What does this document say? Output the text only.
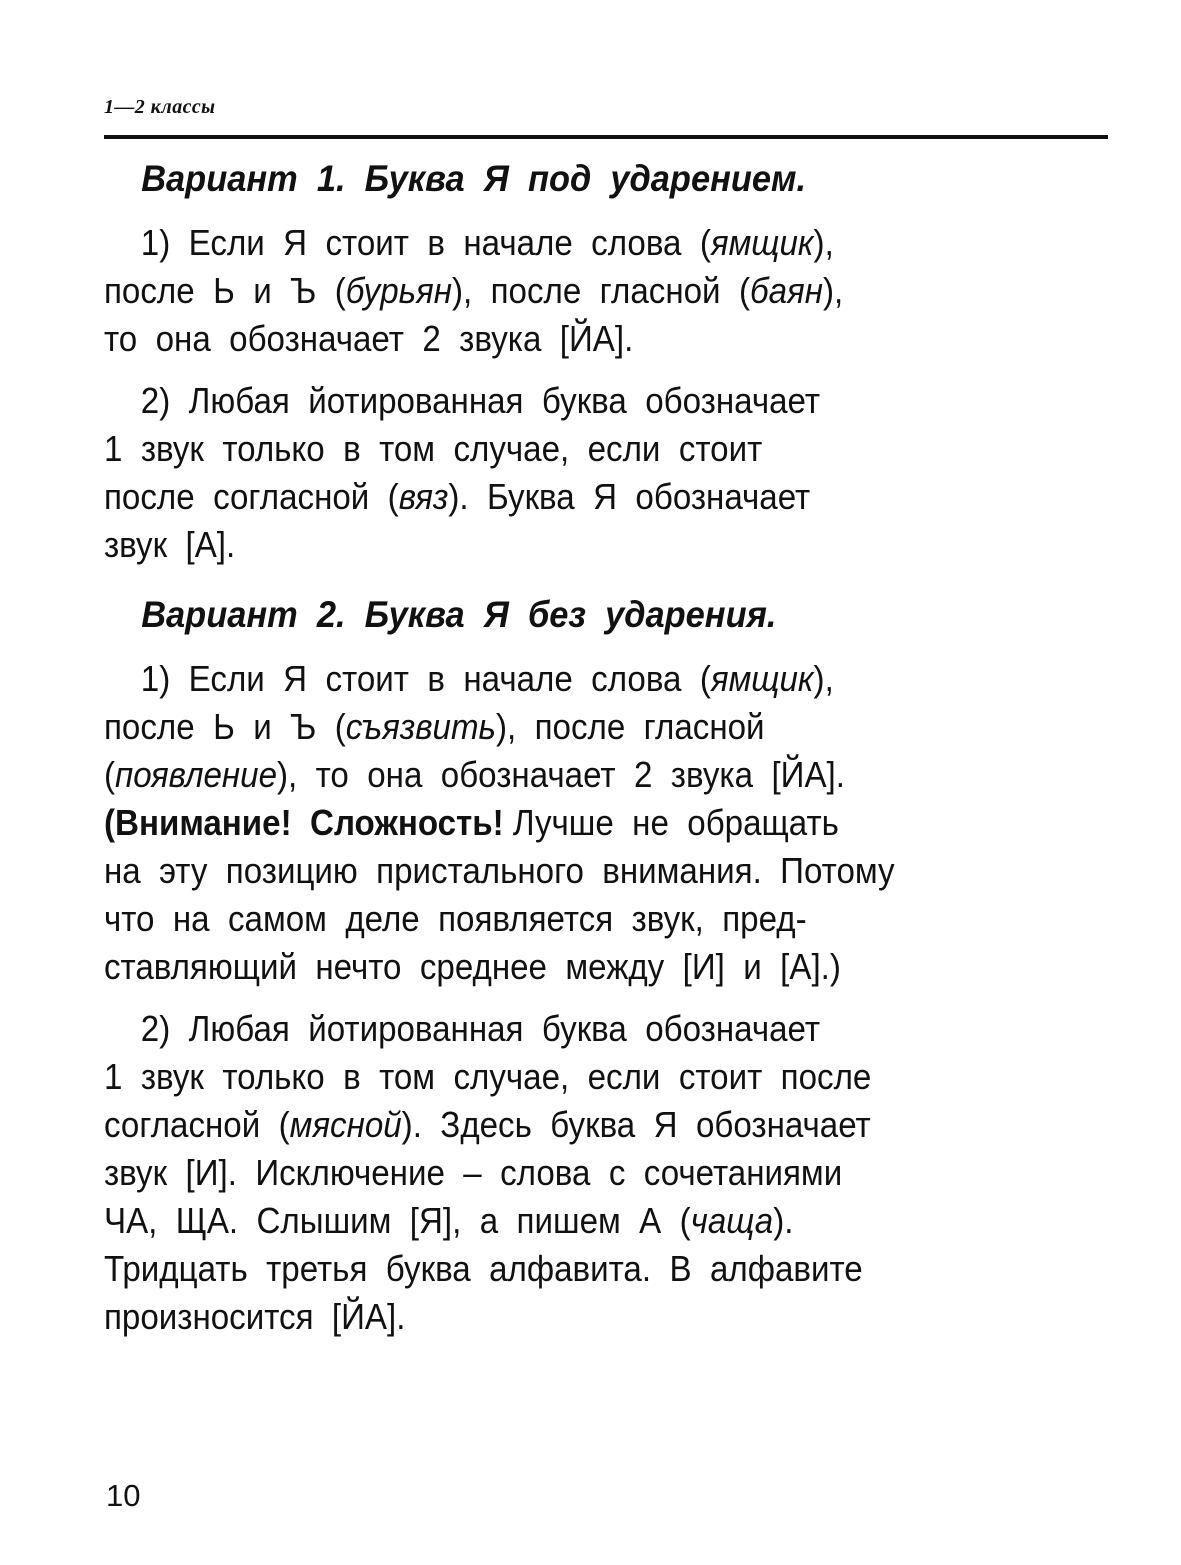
1—2 классы
Вариант  1.  Буква  Я  под  ударением.
1)  Если  Я  стоит  в  начале  слова  (ямщик),
после  Ь  и  Ъ  (бурьян),  после  гласной  (баян),
то  она  обозначает  2  звука  [ЙА].
2)  Любая  йотированная  буква  обозначает
1  звук  только  в  том  случае,  если  стоит
после  согласной  (вяз).  Буква  Я  обозначает
звук  [А].
Вариант  2.  Буква  Я  без  ударения.
1)  Если  Я  стоит  в  начале  слова  (ямщик),
после  Ь  и  Ъ  (съязвить),  после  гласной
(появление),  то  она  обозначает  2  звука  [ЙА].
(Внимание!  Сложность! Лучше  не  обращать
на  эту  позицию  пристального  внимания.  Потому
что  на  самом  деле  появляется  звук,  пред-
ставляющий  нечто  среднее  между  [И]  и  [А].)
2)  Любая  йотированная  буква  обозначает
1  звук  только  в  том  случае,  если  стоит  после
согласной  (мясной).  Здесь  буква  Я  обозначает
звук  [И].  Исключение  –  слова  с  сочетаниями
ЧА,  ЩА.  Слышим  [Я],  а  пишем  А  (чаща).
Тридцать  третья  буква  алфавита.  В  алфавите
произносится  [ЙА].
10
